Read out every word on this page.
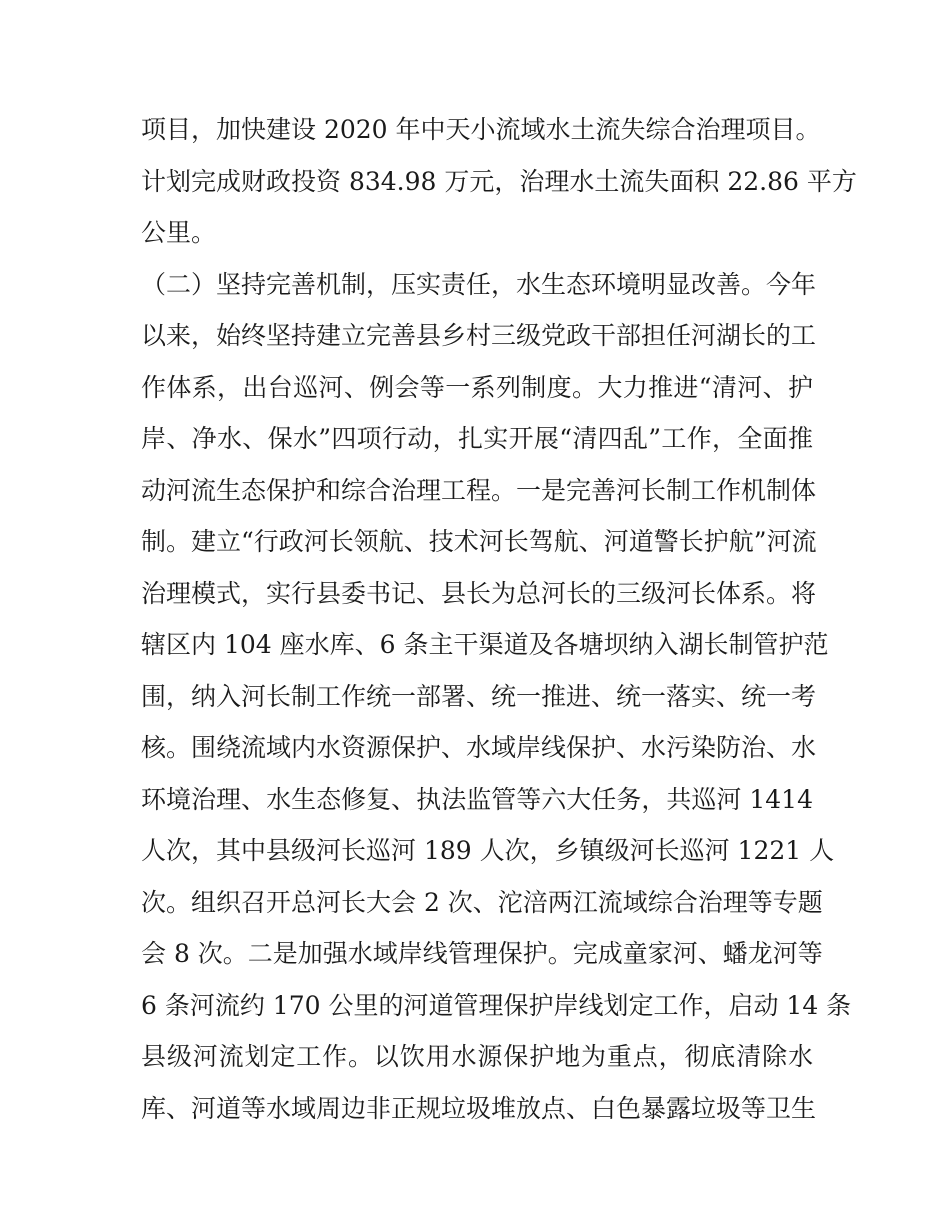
项目，加快建设 2020 年中天小流域水土流失综合治理项目。
计划完成财政投资 834.98 万元，治理水土流失面积 22.86 平方
公里。
（二）坚持完善机制，压实责任，水生态环境明显改善。今年
以来，始终坚持建立完善县乡村三级党政干部担任河湖长的工
作体系，出台巡河、例会等一系列制度。大力推进“清河、护
岸、净水、保水”四项行动，扎实开展“清四乱”工作，全面推
动河流生态保护和综合治理工程。一是完善河长制工作机制体
制。建立“行政河长领航、技术河长驾航、河道警长护航”河流
治理模式，实行县委书记、县长为总河长的三级河长体系。将
辖区内 104 座水库、6 条主干渠道及各塘坝纳入湖长制管护范
围，纳入河长制工作统一部署、统一推进、统一落实、统一考
核。围绕流域内水资源保护、水域岸线保护、水污染防治、水
环境治理、水生态修复、执法监管等六大任务，共巡河 1414
人次，其中县级河长巡河 189 人次，乡镇级河长巡河 1221 人
次。组织召开总河长大会 2 次、沱涪两江流域综合治理等专题
会 8 次。二是加强水域岸线管理保护。完成童家河、蟠龙河等
6 条河流约 170 公里的河道管理保护岸线划定工作，启动 14 条
县级河流划定工作。以饮用水源保护地为重点，彻底清除水
库、河道等水域周边非正规垃圾堆放点、白色暴露垃圾等卫生
